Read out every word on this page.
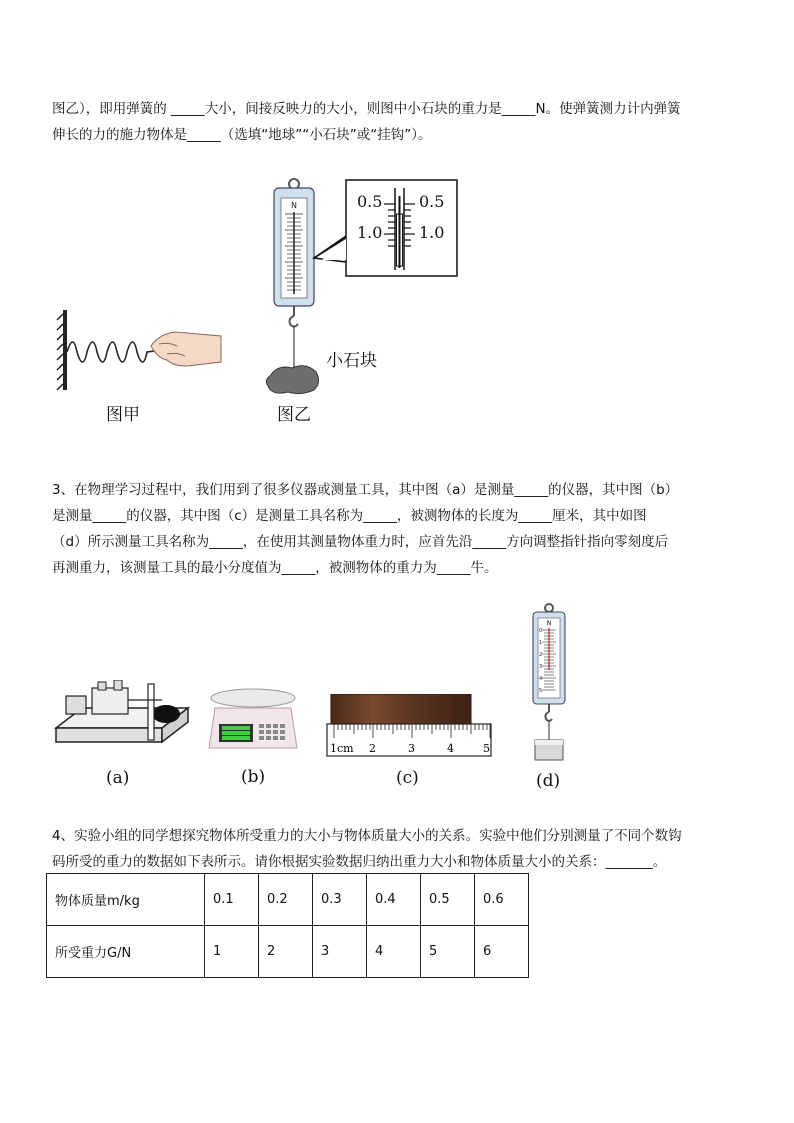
图乙），即用弹簧的 _____大小，间接反映力的大小，则图中小石块的重力是_____N。使弹簧测力计内弹簧

伸长的力的施力物体是_____（选填“地球”“小石块”或“挂钩”）。

图甲
N	0.5 0.5
1.0 1.0
小石块
图乙

3、在物理学习过程中，我们用到了很多仪器或测量工具，其中图（a）是测量_____的仪器，其中图（b）

是测量_____的仪器，其中图（c）是测量工具名称为_____，被测物体的长度为_____厘米，其中如图

（d）所示测量工具名称为_____，在使用其测量物体重力时，应首先沿_____方向调整指针指向零刻度后

再测重力，该测量工具的最小分度值为_____，被测物体的重力为_____牛。

(a)	(b)
1cm 2	3	4	5
(c)
N
0
1
2
3
4
5
(d)

4、实验小组的同学想探究物体所受重力的大小与物体质量大小的关系。实验中他们分别测量了不同个数钩

码所受的重力的数据如下表所示。请你根据实验数据归纳出重力大小和物体质量大小的关系：_______。

物体质量m/kg	0.1	0.2	0.3	0.4	0.5	0.6
所受重力G/N	1	2	3	4	5	6
